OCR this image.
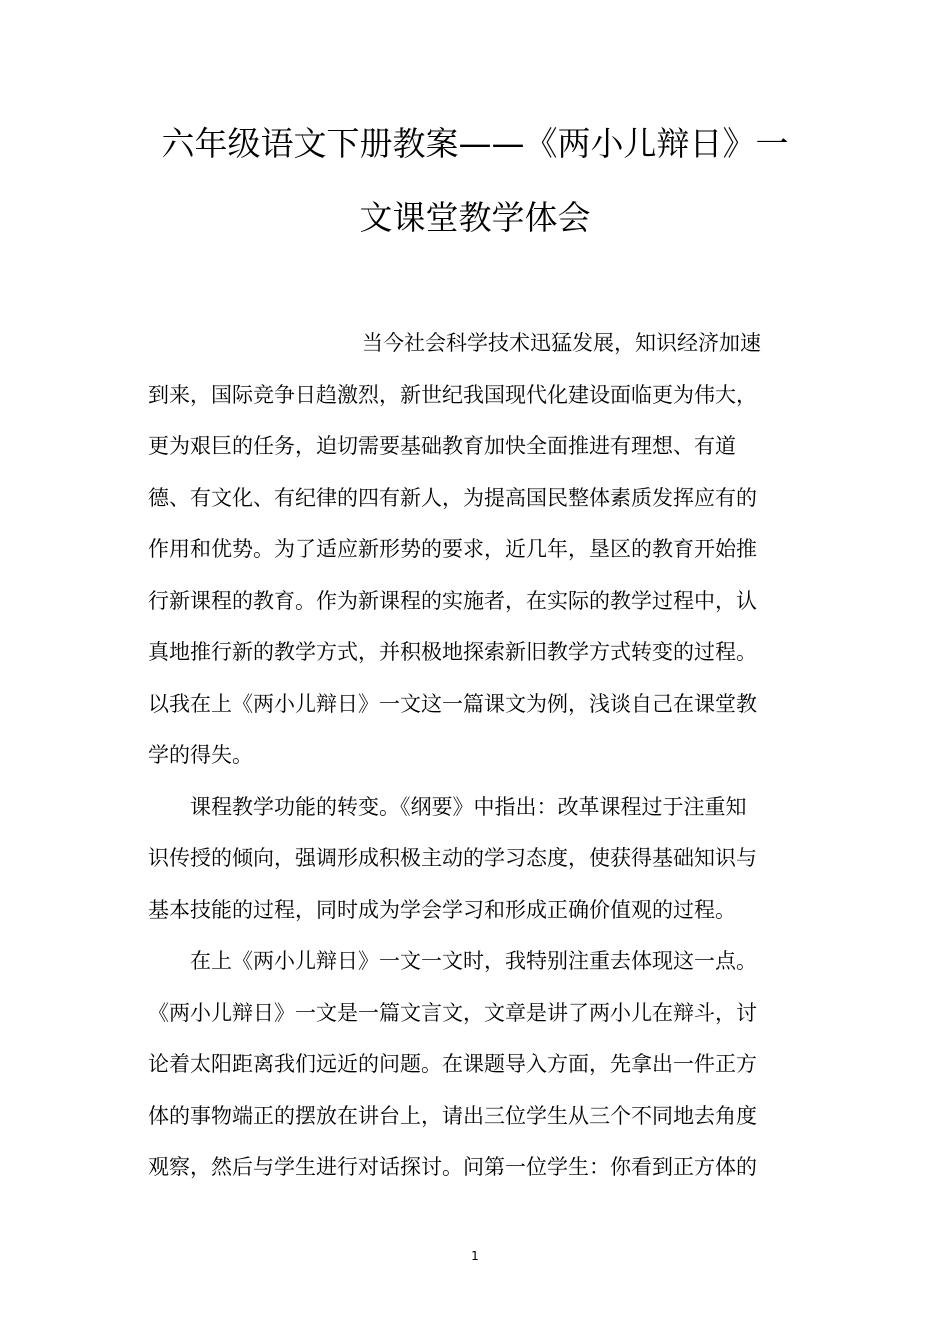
六年级语文下册教案——《两小儿辩日》一
文课堂教学体会
当今社会科学技术迅猛发展，知识经济加速
到来，国际竞争日趋激烈，新世纪我国现代化建设面临更为伟大，
更为艰巨的任务，迫切需要基础教育加快全面推进有理想、有道
德、有文化、有纪律的四有新人，为提高国民整体素质发挥应有的
作用和优势。为了适应新形势的要求，近几年，垦区的教育开始推
行新课程的教育。作为新课程的实施者，在实际的教学过程中，认
真地推行新的教学方式，并积极地探索新旧教学方式转变的过程。
以我在上《两小儿辩日》一文这一篇课文为例，浅谈自己在课堂教
学的得失。
课程教学功能的转变。《纲要》中指出：改革课程过于注重知
识传授的倾向，强调形成积极主动的学习态度，使获得基础知识与
基本技能的过程，同时成为学会学习和形成正确价值观的过程。
在上《两小儿辩日》一文一文时，我特别注重去体现这一点。
《两小儿辩日》一文是一篇文言文，文章是讲了两小儿在辩斗，讨
论着太阳距离我们远近的问题。在课题导入方面，先拿出一件正方
体的事物端正的摆放在讲台上，请出三位学生从三个不同地去角度
观察，然后与学生进行对话探讨。问第一位学生：你看到正方体的
1
